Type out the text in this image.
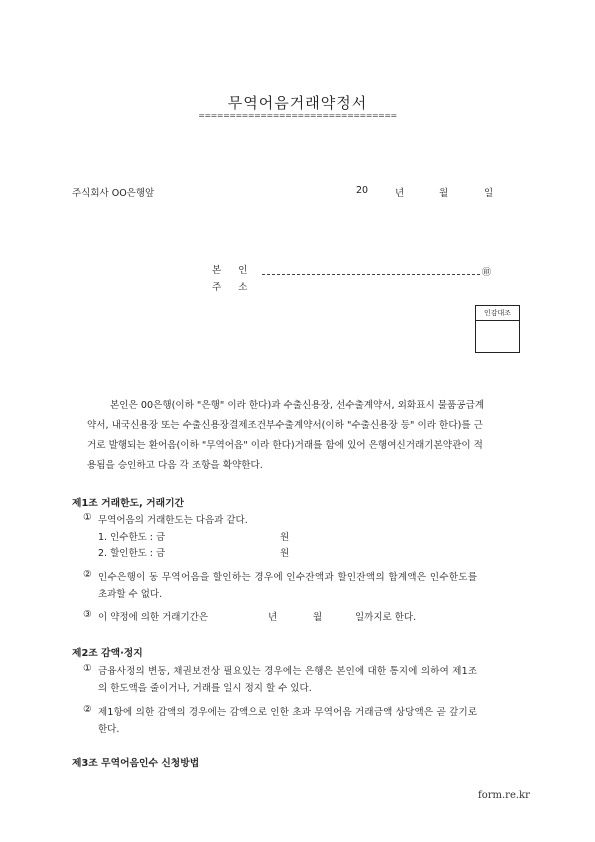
무역어음거래약정서
================================
주식회사 OO은행앞	20	년	월	일
본 인	㊞
주 소
인감대조
본인은 00은행(이하 "은행" 이라 한다)과 수출신용장, 선수출계약서, 외화표시 물품공급계
약서, 내국신용장 또는 수출신용장결제조건부수출계약서(이하 "수출신용장 등" 이라 한다)를 근
거로 발행되는 환어음(이하 "무역어음" 이라 한다)거래를 함에 있어 은행여신거래기본약관이 적
용됨을 승인하고 다음 각 조항을 확약한다.
제1조 거래한도, 거래기간
① 무역어음의 거래한도는 다음과 같다.
1. 인수한도 : 금	원
2. 할인한도 : 금	원
② 인수은행이 동 무역어음을 할인하는 경우에 인수잔액과 할인잔액의 합계액은 인수한도를
초과할 수 없다.
③ 이 약정에 의한 거래기간은	년	월	일까지로 한다.
제2조 감액·정지
① 금융사정의 변동, 채권보전상 필요있는 경우에는 은행은 본인에 대한 통지에 의하여 제1조
의 한도액을 줄이거나, 거래를 일시 정지 할 수 있다.
② 제1항에 의한 감액의 경우에는 감액으로 인한 초과 무역어음 거래금액 상당액은 곧 갚기로
한다.
제3조 무역어음인수 신청방법
form.re.kr
